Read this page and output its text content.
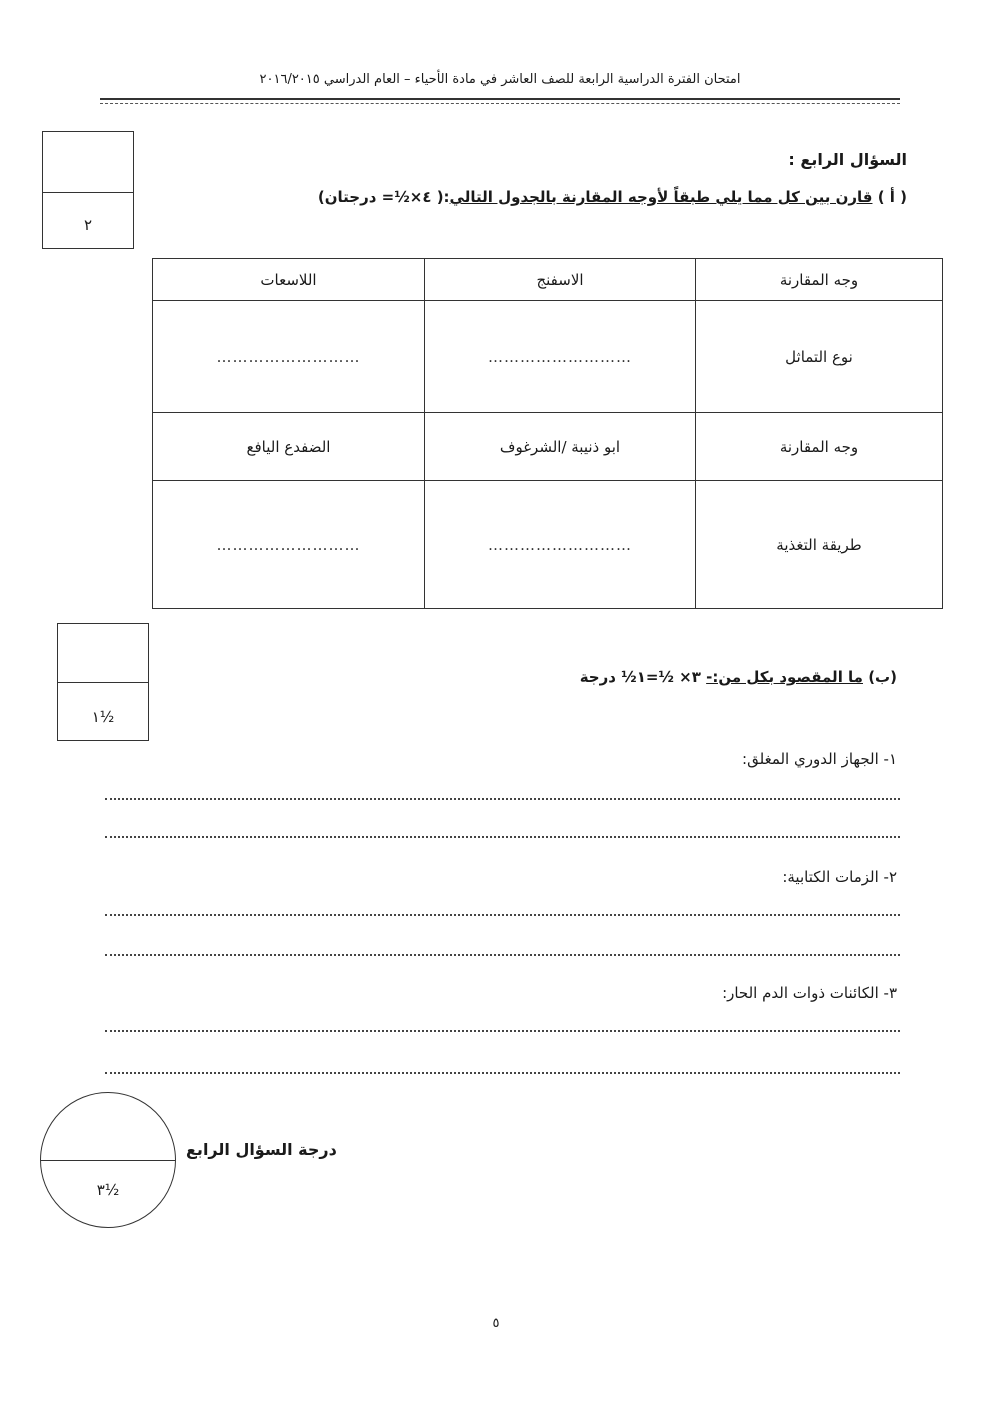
امتحان الفترة الدراسية الرابعة للصف العاشر في مادة الأحياء – العام الدراسي ٢٠١٦/٢٠١٥
٢
السؤال الرابع :
( أ ) قارن بين كل مما يلي طبقاً لأوجه المقارنة بالجدول التالي:( ٤×½= درجتان)
وجه المقارنة	الاسفنج	اللاسعات
نوع التماثل	………………………	………………………
وجه المقارنة	ابو ذنيبة /الشرغوف	الضفدع اليافع
طريقة التغذية	………………………	………………………
١½
(ب) ما المقصود بكل من:- ٣× ½=١½ درجة
١- الجهاز الدوري المغلق:
٢- الزمات الكتابية:
٣- الكائنات ذوات الدم الحار:
٣½
درجة السؤال الرابع
٥
